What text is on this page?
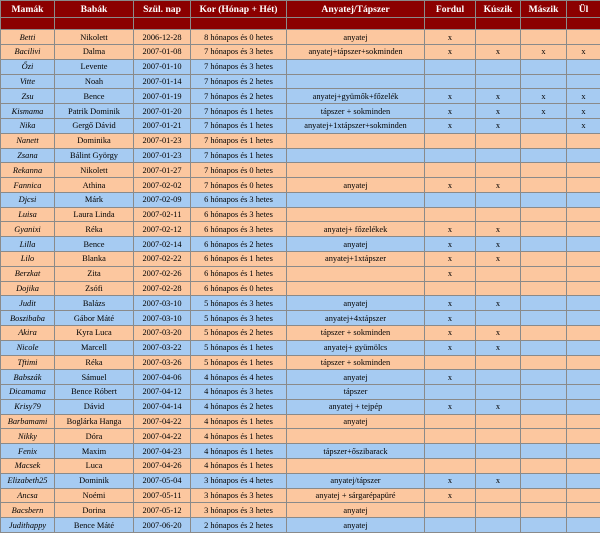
Mamák	Babák	Szül. nap	Kor (Hónap + Hét)	Anyatej/Tápszer	Fordul	Kúszik	Mászik	Ül

Betti	Nikolett	2006-12-28	8 hónapos és 0 hetes	anyatej	x			
Bacilivi	Dalma	2007-01-08	7 hónapos és 3 hetes	anyatej+tápszer+sokminden	x	x	x	x
Őzi	Levente	2007-01-10	7 hónapos és 3 hetes					
Vitte	Noah	2007-01-14	7 hónapos és 2 hetes					
Zsu	Bence	2007-01-19	7 hónapos és 2 hetes	anyatej+gyümők+főzelék	x	x	x	x
Kismama	Patrik Dominik	2007-01-20	7 hónapos és 1 hetes	tápszer + sokminden	x	x	x	x
Nika	Gergő Dávid	2007-01-21	7 hónapos és 1 hetes	anyatej+1xtápszer+sokminden	x	x		x
Nanett	Dominika	2007-01-23	7 hónapos és 1 hetes					
Zsana	Bálint György	2007-01-23	7 hónapos és 1 hetes					
Rekanna	Nikolett	2007-01-27	7 hónapos és 0 hetes					
Fannica	Athina	2007-02-02	7 hónapos és 0 hetes	anyatej	x	x		
Djcsi	Márk	2007-02-09	6 hónapos és 3 hetes					
Luisa	Laura Linda	2007-02-11	6 hónapos és 3 hetes					
Gyanixi	Réka	2007-02-12	6 hónapos és 3 hetes	anyatej+ főzelékek	x	x		
Lilla	Bence	2007-02-14	6 hónapos és 2 hetes	anyatej	x	x		
Lilo	Blanka	2007-02-22	6 hónapos és 1 hetes	anyatej+1xtápszer	x	x		
Berzkat	Zita	2007-02-26	6 hónapos és 1 hetes		x			
Dojika	Zsófi	2007-02-28	6 hónapos és 0 hetes					
Judit	Balázs	2007-03-10	5 hónapos és 3 hetes	anyatej	x	x		
Boszibaba	Gábor Máté	2007-03-10	5 hónapos és 3 hetes	anyatej+4xtápszer	x			
Akira	Kyra Luca	2007-03-20	5 hónapos és 2 hetes	tápszer + sokminden	x	x		
Nicole	Marcell	2007-03-22	5 hónapos és 1 hetes	anyatej+ gyümölcs	x	x		
Tftimi	Réka	2007-03-26	5 hónapos és 1 hetes	tápszer + sokminden				
Babszák	Sámuel	2007-04-06	4 hónapos és 4 hetes	anyatej	x			
Dicamama	Bence Róbert	2007-04-12	4 hónapos és 3 hetes	tápszer				
Krisy79	Dávid	2007-04-14	4 hónapos és 2 hetes	anyatej + tejpép	x	x		
Barbamami	Boglárka Hanga	2007-04-22	4 hónapos és 1 hetes	anyatej				
Nikky	Dóra	2007-04-22	4 hónapos és 1 hetes					
Fenix	Maxim	2007-04-23	4 hónapos és 1 hetes	tápszer+őszibarack				
Macsek	Luca	2007-04-26	4 hónapos és 1 hetes					
Elizabeth25	Dominik	2007-05-04	3 hónapos és 4 hetes	anyatej/tápszer	x	x		
Ancsa	Noémi	2007-05-11	3 hónapos és 3 hetes	anyatej + sárgarépapüré	x			
Bacsbern	Dorina	2007-05-12	3 hónapos és 3 hetes	anyatej				
Judithappy	Bence Máté	2007-06-20	2 hónapos és 2 hetes	anyatej				
